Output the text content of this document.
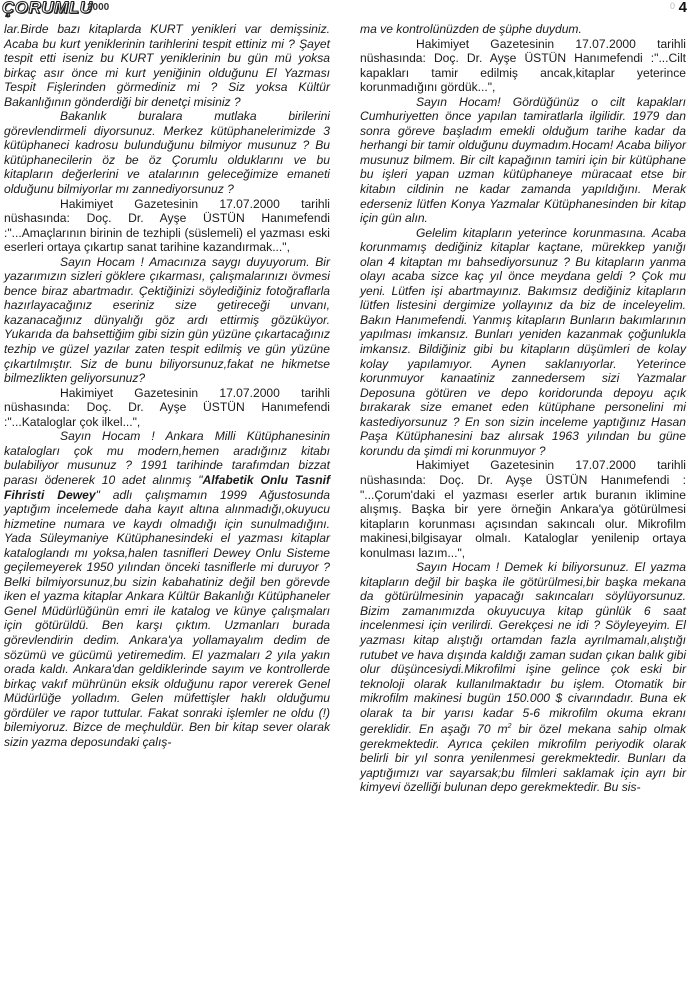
ÇORUMLU
2000	0 4

lar.Birde bazı kitaplarda KURT yenikleri var demişsiniz. Acaba bu kurt yeniklerinin tarihlerini tespit ettiniz mi ? Şayet tespit etti iseniz bu KURT yeniklerinin bu gün mü yoksa birkaç asır önce mi kurt yeniğinin olduğunu El Yazması Tespit Fişlerinden görmediniz mi ? Siz yoksa Kültür Bakanlığının gönderdiği bir denetçi misiniz ?

Bakanlık buralara mutlaka birilerini görevlendirmeli diyorsunuz. Merkez kütüphanelerimizde 3 kütüphaneci kadrosu bulunduğunu bilmiyor musunuz ? Bu kütüphanecilerin öz be öz Çorumlu olduklarını ve bu kitapların değerlerini ve atalarının geleceğimize emaneti olduğunu bilmiyorlar mı zannediyorsunuz ?

Hakimiyet Gazetesinin 17.07.2000 tarihli nüshasında: Doç. Dr. Ayşe ÜSTÜN Hanımefendi :"...Amaçlarının birinin de tezhipli (süslemeli) el yazması eski eserleri ortaya çıkartıp sanat tarihine kazandırmak...",

Sayın Hocam ! Amacınıza saygı duyuyorum. Bir yazarımızın sizleri göklere çıkarması, çalışmalarınızı övmesi bence biraz abartmadır. Çektiğinizi söylediğiniz fotoğraflarla hazırlayacağınız eseriniz size getireceği unvanı, kazanacağınız dünyalığı göz ardı ettirmiş gözüküyor. Yukarıda da bahsettiğim gibi sizin gün yüzüne çıkartacağınız tezhip ve güzel yazılar zaten tespit edilmiş ve gün yüzüne çıkartılmıştır. Siz de bunu biliyorsunuz,fakat ne hikmetse bilmezlikten geliyorsunuz?

Hakimiyet Gazetesinin 17.07.2000 tarihli nüshasında: Doç. Dr. Ayşe ÜSTÜN Hanımefendi :"...Kataloglar çok ilkel...",

Sayın Hocam ! Ankara Milli Kütüphanesinin katalogları çok mu modern,hemen aradığınız kitabı bulabiliyor musunuz ? 1991 tarihinde tarafımdan bizzat parası ödenerek 10 adet alınmış "Alfabetik Onlu Tasnif Fihristi Dewey" adlı çalışmamın 1999 Ağustosunda yaptığım incelemede daha kayıt altına alınmadığı,okuyucu hizmetine numara ve kaydı olmadığı için sunulmadığını. Yada Süleymaniye Kütüphanesindeki el yazması kitaplar kataloglandı mı yoksa,halen tasnifleri Dewey Onlu Sisteme geçilemeyerek 1950 yılından önceki tasniflerle mi duruyor ? Belki bilmiyorsunuz,bu sizin kabahatiniz değil ben görevde iken el yazma kitaplar Ankara Kültür Bakanlığı Kütüphaneler Genel Müdürlüğünün emri ile katalog ve künye çalışmaları için götürüldü. Ben karşı çıktım. Uzmanları burada görevlendirin dedim. Ankara'ya yollamayalım dedim de sözümü ve gücümü yetiremedim. El yazmaları 2 yıla yakın orada kaldı. Ankara'dan geldiklerinde sayım ve kontrollerde birkaç vakıf mührünün eksik olduğunu rapor vererek Genel Müdürlüğe yolladım. Gelen müfettişler haklı olduğumu gördüler ve rapor tuttular. Fakat sonraki işlemler ne oldu (!) bilemiyoruz. Bizce de meçhuldür. Ben bir kitap sever olarak sizin yazma deposundaki çalış-

ma ve kontrolünüzden de şüphe duydum.

Hakimiyet Gazetesinin 17.07.2000 tarihli nüshasında: Doç. Dr. Ayşe ÜSTÜN Hanımefendi :"...Cilt kapakları tamir edilmiş ancak,kitaplar yeterince korunmadığını gördük...",

Sayın Hocam! Gördüğünüz o cilt kapakları Cumhuriyetten önce yapılan tamiratlarla ilgilidir. 1979 dan sonra göreve başladım emekli olduğum tarihe kadar da herhangi bir tamir olduğunu duymadım.Hocam! Acaba biliyor musunuz bilmem. Bir cilt kapağının tamiri için bir kütüphane bu işleri yapan uzman kütüphaneye müracaat etse bir kitabın cildinin ne kadar zamanda yapıldığını. Merak ederseniz lütfen Konya Yazmalar Kütüphanesinden bir kitap için gün alın.

Gelelim kitapların yeterince korunmasına. Acaba korunmamış dediğiniz kitaplar kaçtane, mürekkep yanığı olan 4 kitaptan mı bahsediyorsunuz ? Bu kitapların yanma olayı acaba sizce kaç yıl önce meydana geldi ? Çok mu yeni. Lütfen işi abartmayınız. Bakımsız dediğiniz kitapların lütfen listesini dergimize yollayınız da biz de inceleyelim. Bakın Hanımefendi. Yanmış kitapların Bunların bakımlarının yapılması imkansız. Bunları yeniden kazanmak çoğunlukla imkansız. Bildiğiniz gibi bu kitapların düşümleri de kolay kolay yapılamıyor. Aynen saklanıyorlar. Yeterince korunmuyor kanaatiniz zannedersem sizi Yazmalar Deposuna götüren ve depo koridorunda depoyu açık bırakarak size emanet eden kütüphane personelini mi kastediyorsunuz ? En son sizin inceleme yaptığınız Hasan Paşa Kütüphanesini baz alırsak 1963 yılından bu güne korundu da şimdi mi korunmuyor ?

Hakimiyet Gazetesinin 17.07.2000 tarihli nüshasında: Doç. Dr. Ayşe ÜSTÜN Hanımefendi : "...Çorum'daki el yazması eserler artık buranın iklimine alışmış. Başka bir yere örneğin Ankara'ya götürülmesi kitapların korunması açısından sakıncalı olur. Mikrofilm makinesi,bilgisayar olmalı. Kataloglar yenilenip ortaya konulması lazım...",

Sayın Hocam ! Demek ki biliyorsunuz. El yazma kitapların değil bir başka ile götürülmesi,bir başka mekana da götürülmesinin yapacağı sakıncaları söylüyorsunuz. Bizim zamanımızda okuyucuya kitap günlük 6 saat incelenmesi için verilirdi. Gerekçesi ne idi ? Söyleyeyim. El yazması kitap alıştığı ortamdan fazla ayrılmamalı,alıştığı rutubet ve hava dışında kaldığı zaman sudan çıkan balık gibi olur düşüncesiydi.Mikrofilmi işine gelince çok eski bir teknoloji olarak kullanılmaktadır bu işlem. Otomatik bir mikrofilm makinesi bugün 150.000 $ civarındadır. Buna ek olarak ta bir yarısı kadar 5-6 mikrofilm okuma ekranı gereklidir. En aşağı 70 $m^2$ bir özel mekana sahip olmak gerekmektedir. Ayrıca çekilen mikrofilm periyodik olarak belirli bir yıl sonra yenilenmesi gerekmektedir. Bunları da yaptığımızı var sayarsak;bu filmleri saklamak için ayrı bir kimyevi özelliği bulunan depo gerekmektedir. Bu sis-
